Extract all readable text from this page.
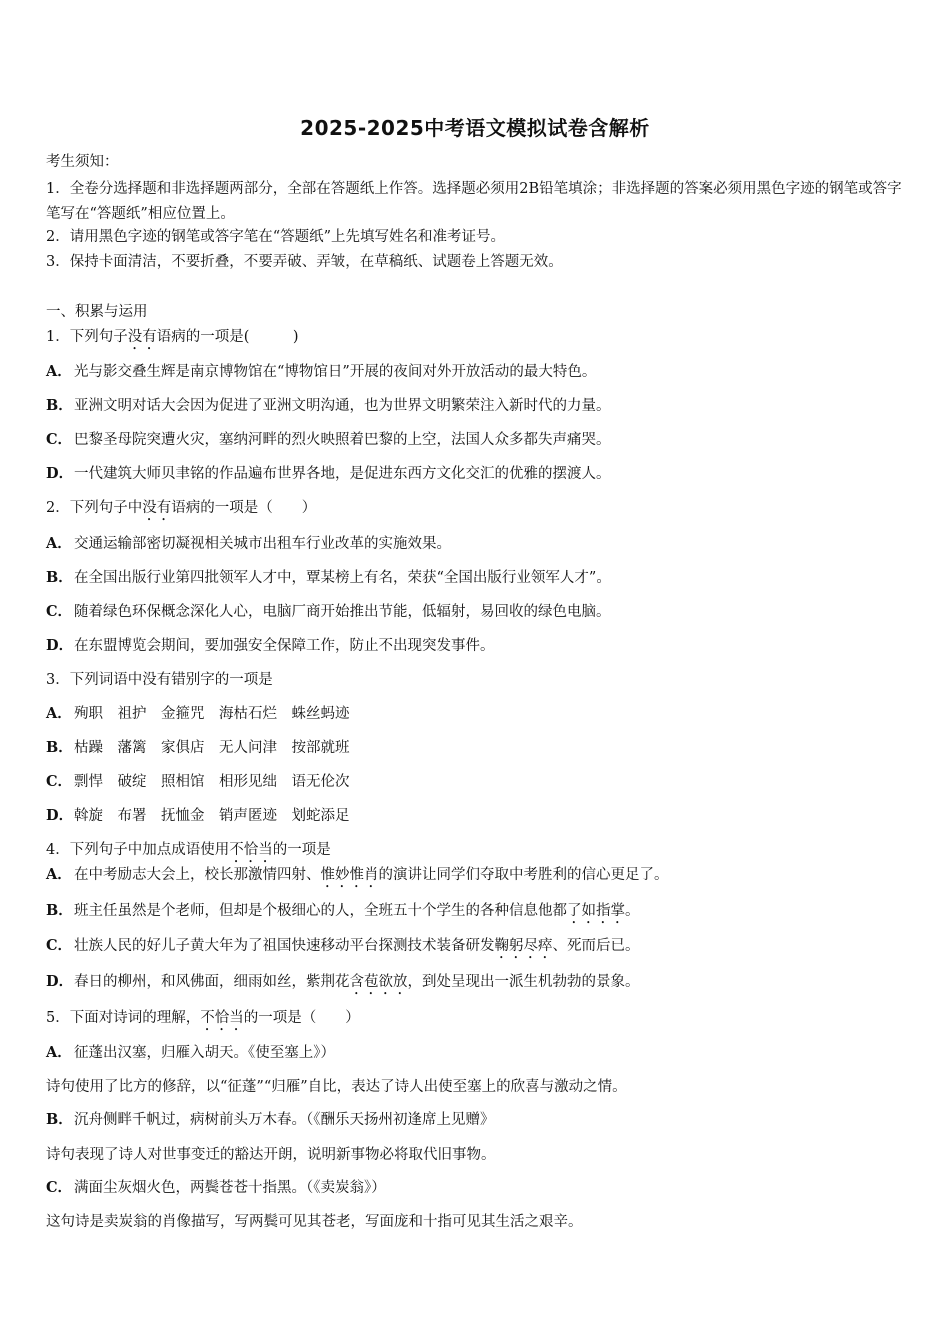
2025-2025中考语文模拟试卷含解析
考生须知：
1．全卷分选择题和非选择题两部分，全部在答题纸上作答。选择题必须用2B铅笔填涂；非选择题的答案必须用黑色字迹的钢笔或答字笔写在“答题纸”相应位置上。
2．请用黑色字迹的钢笔或答字笔在“答题纸”上先填写姓名和准考证号。
3．保持卡面清洁，不要折叠，不要弄破、弄皱，在草稿纸、试题卷上答题无效。
一、积累与运用
1．下列句子没有语病的一项是(　　　)
A． 光与影交叠生辉是南京博物馆在“博物馆日”开展的夜间对外开放活动的最大特色。
B．亚洲文明对话大会因为促进了亚洲文明沟通，也为世界文明繁荣注入新时代的力量。
C． 巴黎圣母院突遭火灾，塞纳河畔的烈火映照着巴黎的上空，法国人众多都失声痛哭。
D．一代建筑大师贝聿铭的作品遍布世界各地，是促进东西方文化交汇的优雅的摆渡人。
2．下列句子中没有语病的一项是（　　）
A． 交通运输部密切凝视相关城市出租车行业改革的实施效果。
B．在全国出版行业第四批领军人才中，覃某榜上有名，荣获“全国出版行业领军人才”。
C． 随着绿色环保概念深化人心，电脑厂商开始推出节能，低辐射，易回收的绿色电脑。
D．在东盟博览会期间，要加强安全保障工作，防止不出现突发事件。
3．下列词语中没有错别字的一项是
A． 殉职　 祖护　 金箍咒　 海枯石烂　 蛛丝蚂迹
B．枯躁　 藩篱　 家俱店　 无人问津　 按部就班
C． 剽悍　 破绽　 照相馆　 相形见绌　 语无伦次
D．斡旋　 布署　 抚恤金　 销声匿迹　 划蛇添足
4．下列句子中加点成语使用不恰当的一项是
A． 在中考励志大会上，校长那激情四射、惟妙惟肖的演讲让同学们夺取中考胜利的信心更足了。
B．班主任虽然是个老师，但却是个极细心的人，全班五十个学生的各种信息他都了如指掌。
C． 壮族人民的好儿子黄大年为了祖国快速移动平台探测技术装备研发鞠躬尽瘁、死而后已。
D．春日的柳州，和风佛面，细雨如丝，紫荆花含苞欲放，到处呈现出一派生机勃勃的景象。
5．下面对诗词的理解，不恰当的一项是（　　）
A． 征蓬出汉塞，归雁入胡天。《使至塞上》）
诗句使用了比方的修辞，以“征蓬”“归雁”自比，表达了诗人出使至塞上的欣喜与激动之情。
B．沉舟侧畔千帆过，病树前头万木春。（《酬乐天扬州初逢席上见赠》
诗句表现了诗人对世事变迁的豁达开朗，说明新事物必将取代旧事物。
C． 满面尘灰烟火色，两鬓苍苍十指黑。（《卖炭翁》）
这句诗是卖炭翁的肖像描写，写两鬓可见其苍老，写面庞和十指可见其生活之艰辛。
